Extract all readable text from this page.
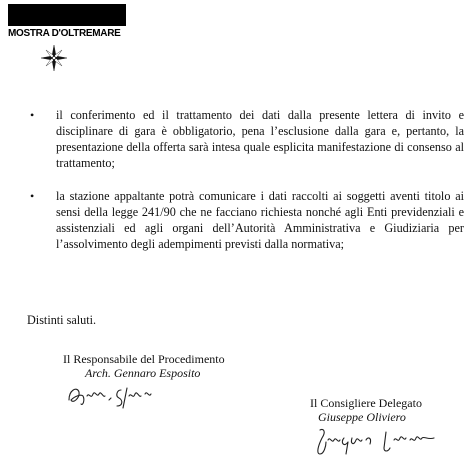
MOSTRA D'OLTREMARE
• il conferimento ed il trattamento dei dati dalla presente lettera di invito e disciplinare di gara è obbligatorio, pena l’esclusione dalla gara e, pertanto, la presentazione della offerta sarà intesa quale esplicita manifestazione di consenso al trattamento;
• la stazione appaltante potrà comunicare i dati raccolti ai soggetti aventi titolo ai sensi della legge 241/90 che ne facciano richiesta nonché agli Enti previdenziali e assistenziali ed agli organi dell’Autorità Amministrativa e Giudiziaria per l’assolvimento degli adempimenti previsti dalla normativa;
Distinti saluti.
Il Responsabile del Procedimento
Arch. Gennaro Esposito
Il Consigliere Delegato
Giuseppe Oliviero
